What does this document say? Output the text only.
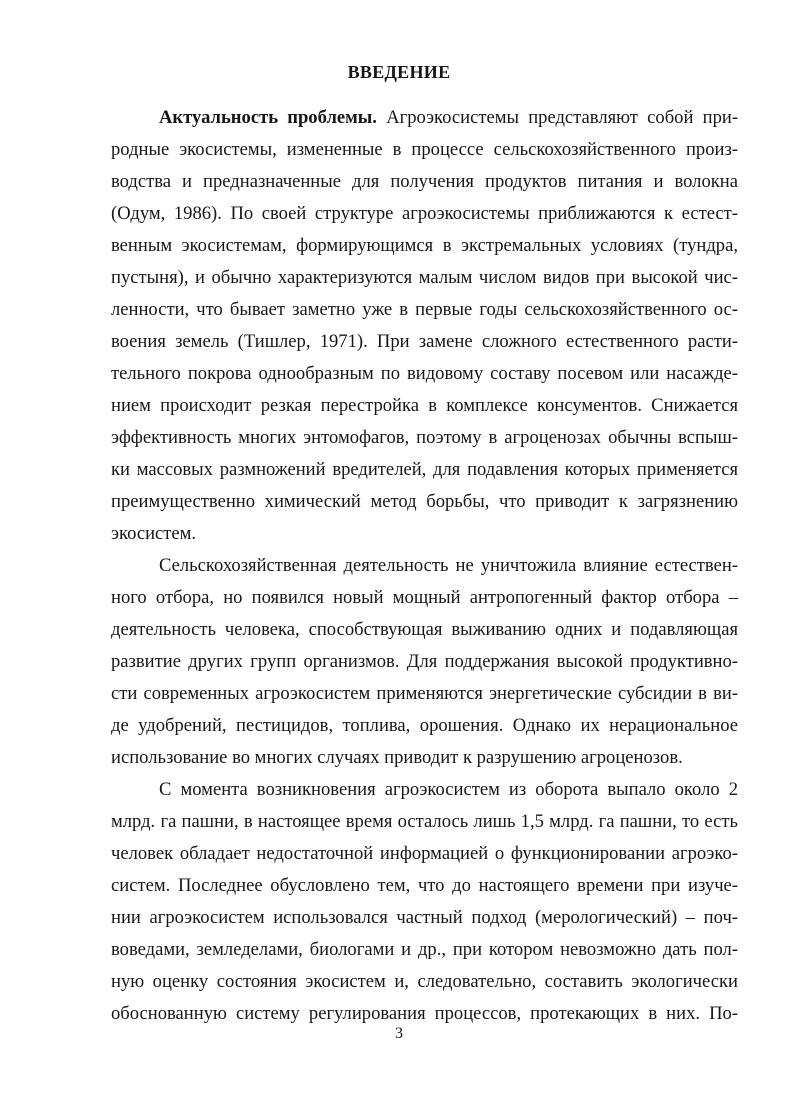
ВВЕДЕНИЕ
Актуальность проблемы. Агроэкосистемы представляют собой при-
родные экосистемы, измененные в процессе сельскохозяйственного произ-
водства и предназначенные для получения продуктов питания и волокна
(Одум, 1986). По своей структуре агроэкосистемы приближаются к естест-
венным экосистемам, формирующимся в экстремальных условиях (тундра,
пустыня), и обычно характеризуются малым числом видов при высокой чис-
ленности, что бывает заметно уже в первые годы сельскохозяйственного ос-
воения земель (Тишлер, 1971). При замене сложного естественного расти-
тельного покрова однообразным по видовому составу посевом или насажде-
нием происходит резкая перестройка в комплексе консументов. Снижается
эффективность многих энтомофагов, поэтому в агроценозах обычны вспыш-
ки массовых размножений вредителей, для подавления которых применяется
преимущественно химический метод борьбы, что приводит к загрязнению
экосистем.
Сельскохозяйственная деятельность не уничтожила влияние естествен-
ного отбора, но появился новый мощный антропогенный фактор отбора –
деятельность человека, способствующая выживанию одних и подавляющая
развитие других групп организмов. Для поддержания высокой продуктивно-
сти современных агроэкосистем применяются энергетические субсидии в ви-
де удобрений, пестицидов, топлива, орошения. Однако их нерациональное
использование во многих случаях приводит к разрушению агроценозов.
С момента возникновения агроэкосистем из оборота выпало около 2
млрд. га пашни, в настоящее время осталось лишь 1,5 млрд. га пашни, то есть
человек обладает недостаточной информацией о функционировании агроэко-
систем. Последнее обусловлено тем, что до настоящего времени при изуче-
нии агроэкосистем использовался частный подход (мерологический) – поч-
воведами, земледелами, биологами и др., при котором невозможно дать пол-
ную оценку состояния экосистем и, следовательно, составить экологически
обоснованную систему регулирования процессов, протекающих в них. По-
3
